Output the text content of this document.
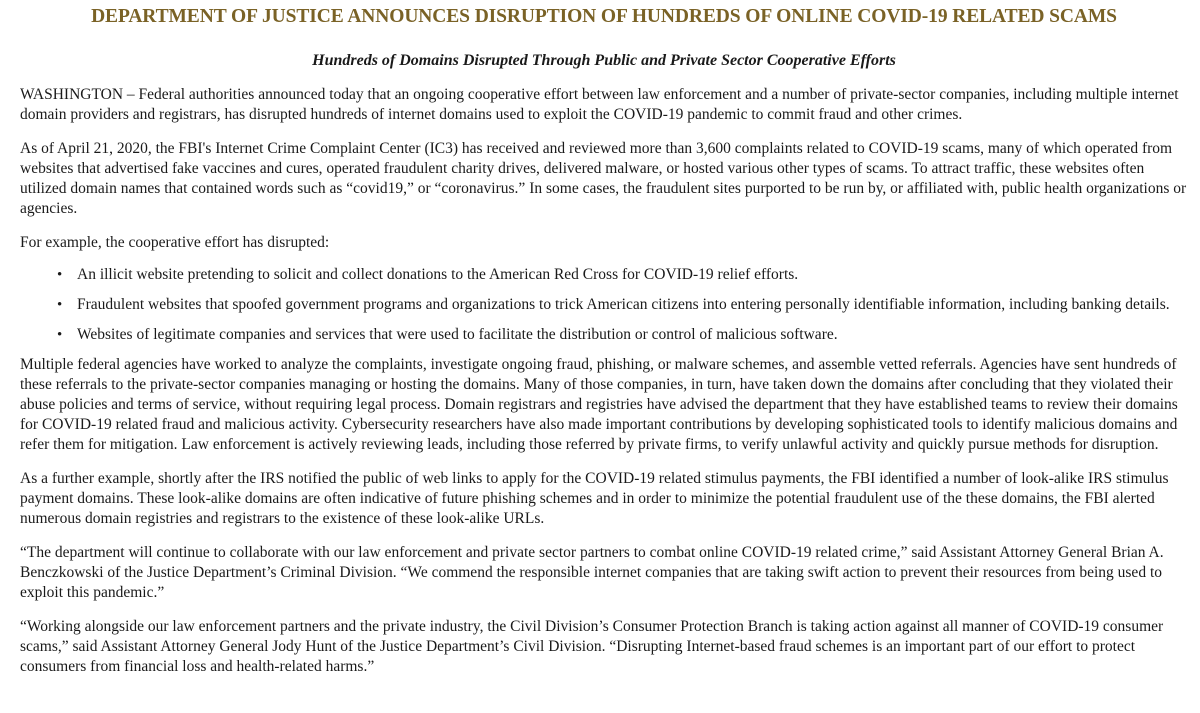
DEPARTMENT OF JUSTICE ANNOUNCES DISRUPTION OF HUNDREDS OF ONLINE COVID-19 RELATED SCAMS
Hundreds of Domains Disrupted Through Public and Private Sector Cooperative Efforts

WASHINGTON – Federal authorities announced today that an ongoing cooperative effort between law enforcement and a number of private-sector companies, including multiple internet domain providers and registrars, has disrupted hundreds of internet domains used to exploit the COVID-19 pandemic to commit fraud and other crimes.

As of April 21, 2020, the FBI's Internet Crime Complaint Center (IC3) has received and reviewed more than 3,600 complaints related to COVID-19 scams, many of which operated from websites that advertised fake vaccines and cures, operated fraudulent charity drives, delivered malware, or hosted various other types of scams. To attract traffic, these websites often utilized domain names that contained words such as “covid19,” or “coronavirus.” In some cases, the fraudulent sites purported to be run by, or affiliated with, public health organizations or agencies.

For example, the cooperative effort has disrupted:

• An illicit website pretending to solicit and collect donations to the American Red Cross for COVID-19 relief efforts.
• Fraudulent websites that spoofed government programs and organizations to trick American citizens into entering personally identifiable information, including banking details.
• Websites of legitimate companies and services that were used to facilitate the distribution or control of malicious software.

Multiple federal agencies have worked to analyze the complaints, investigate ongoing fraud, phishing, or malware schemes, and assemble vetted referrals. Agencies have sent hundreds of these referrals to the private-sector companies managing or hosting the domains. Many of those companies, in turn, have taken down the domains after concluding that they violated their abuse policies and terms of service, without requiring legal process. Domain registrars and registries have advised the department that they have established teams to review their domains for COVID-19 related fraud and malicious activity. Cybersecurity researchers have also made important contributions by developing sophisticated tools to identify malicious domains and refer them for mitigation. Law enforcement is actively reviewing leads, including those referred by private firms, to verify unlawful activity and quickly pursue methods for disruption.

As a further example, shortly after the IRS notified the public of web links to apply for the COVID-19 related stimulus payments, the FBI identified a number of look-alike IRS stimulus payment domains. These look-alike domains are often indicative of future phishing schemes and in order to minimize the potential fraudulent use of the these domains, the FBI alerted numerous domain registries and registrars to the existence of these look-alike URLs.

“The department will continue to collaborate with our law enforcement and private sector partners to combat online COVID-19 related crime,” said Assistant Attorney General Brian A. Benczkowski of the Justice Department’s Criminal Division. “We commend the responsible internet companies that are taking swift action to prevent their resources from being used to exploit this pandemic.”

“Working alongside our law enforcement partners and the private industry, the Civil Division’s Consumer Protection Branch is taking action against all manner of COVID-19 consumer scams,” said Assistant Attorney General Jody Hunt of the Justice Department’s Civil Division. “Disrupting Internet-based fraud schemes is an important part of our effort to protect consumers from financial loss and health-related harms.”
